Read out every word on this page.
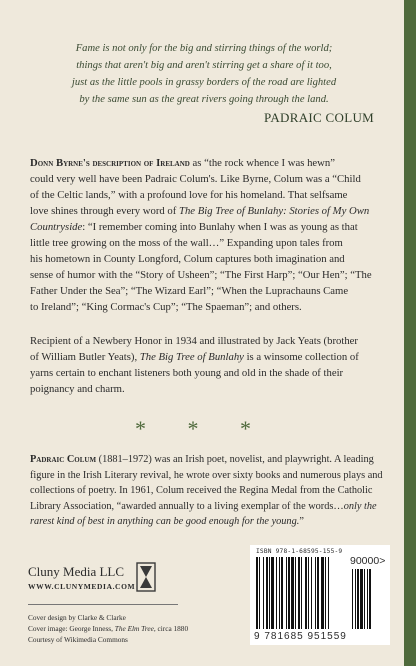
Fame is not only for the big and stirring things of the world;
things that aren't big and aren't stirring get a share of it too,
just as the little pools in grassy borders of the road are lighted
by the same sun as the great rivers going through the land.
PADRAIC COLUM
Donn Byrne's description of Ireland as “the rock whence I was hewn”
could very well have been Padraic Colum's. Like Byrne, Colum was a “Child
of the Celtic lands,” with a profound love for his homeland. That selfsame
love shines through every word of The Big Tree of Bunlahy: Stories of My Own
Countryside: “I remember coming into Bunlahy when I was as young as that
little tree growing on the moss of the wall…” Expanding upon tales from
his hometown in County Longford, Colum captures both imagination and
sense of humor with the “Story of Usheen”; “The First Harp”; “Our Hen”; “The
Father Under the Sea”; “The Wizard Earl”; “When the Luprachauns Came
to Ireland”; “King Cormac's Cup”; “The Spaeman”; and others.
Recipient of a Newbery Honor in 1934 and illustrated by Jack Yeats (brother
of William Butler Yeats), The Big Tree of Bunlahy is a winsome collection of
yarns certain to enchant listeners both young and old in the shade of their
poignancy and charm.
* * *
Padraic Colum (1881–1972) was an Irish poet, novelist, and playwright. A leading
figure in the Irish Literary revival, he wrote over sixty books and numerous plays and
collections of poetry. In 1961, Colum received the Regina Medal from the Catholic
Library Association, “awarded annually to a living exemplar of the words…only the
rarest kind of best in anything can be good enough for the young.”
Cluny Media LLC
WWW.CLUNYMEDIA.COM
Cover design by Clarke & Clarke
Cover image: George Inness, The Elm Tree, circa 1880
Courtesy of Wikimedia Commons
ISBN 978-1-68595-155-9
90000>
9 781685 951559
